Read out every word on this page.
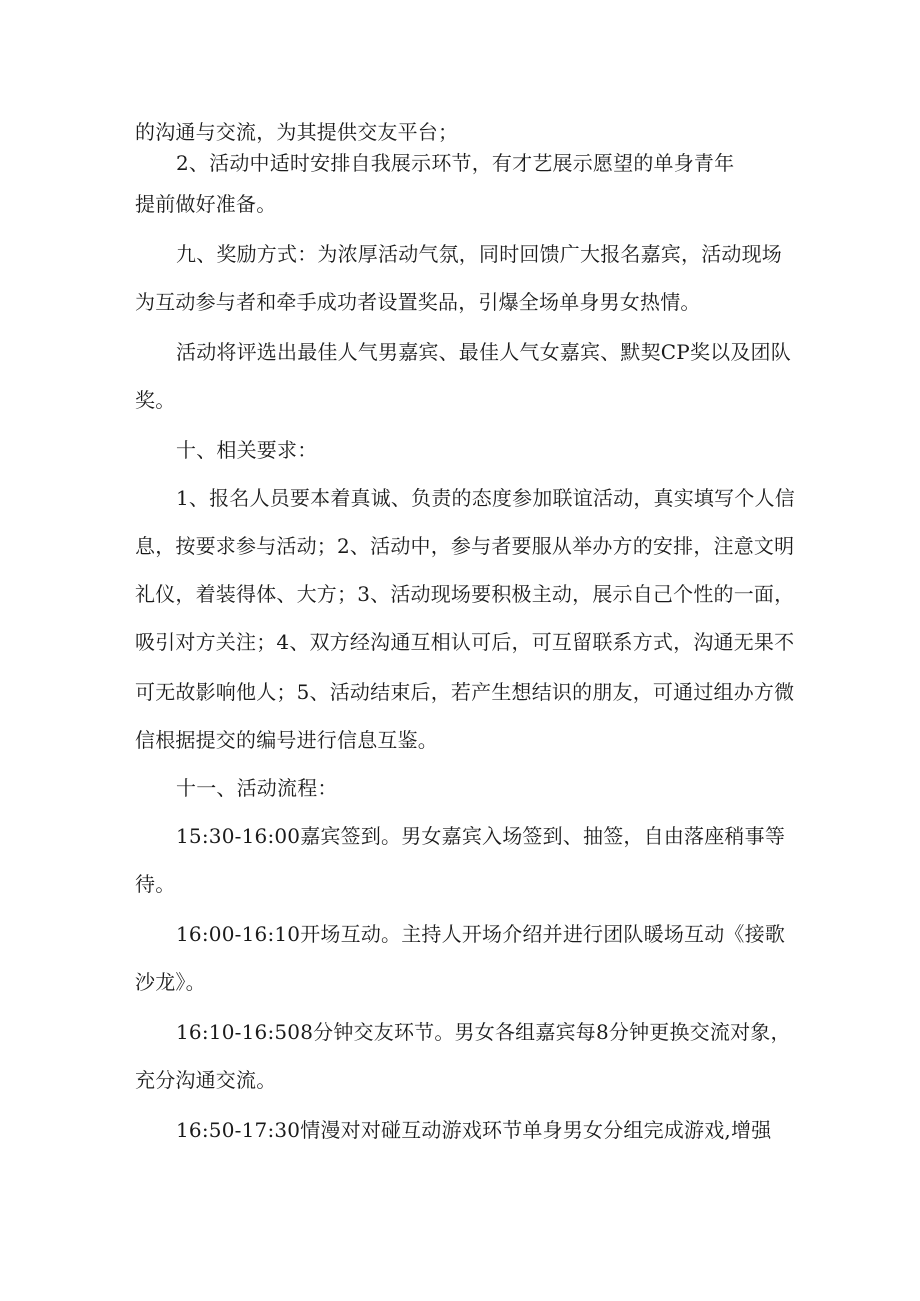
的沟通与交流，为其提供交友平台；
2、活动中适时安排自我展示环节，有才艺展示愿望的单身青年
提前做好准备。
九、奖励方式：为浓厚活动气氛，同时回馈广大报名嘉宾，活动现场
为互动参与者和牵手成功者设置奖品，引爆全场单身男女热情。
活动将评选出最佳人气男嘉宾、最佳人气女嘉宾、默契CP奖以及团队
奖。
十、相关要求：
1、报名人员要本着真诚、负责的态度参加联谊活动，真实填写个人信
息，按要求参与活动；2、活动中，参与者要服从举办方的安排，注意文明
礼仪，着装得体、大方；3、活动现场要积极主动，展示自己个性的一面，
吸引对方关注；4、双方经沟通互相认可后，可互留联系方式，沟通无果不
可无故影响他人；5、活动结束后，若产生想结识的朋友，可通过组办方微
信根据提交的编号进行信息互鉴。
十一、活动流程：
15:30-16:00嘉宾签到。男女嘉宾入场签到、抽签，自由落座稍事等
待。
16:00-16:10开场互动。主持人开场介绍并进行团队暖场互动《接歌
沙龙》。
16:10-16:508分钟交友环节。男女各组嘉宾每8分钟更换交流对象，
充分沟通交流。
16:50-17:30情漫对对碰互动游戏环节单身男女分组完成游戏,增强
